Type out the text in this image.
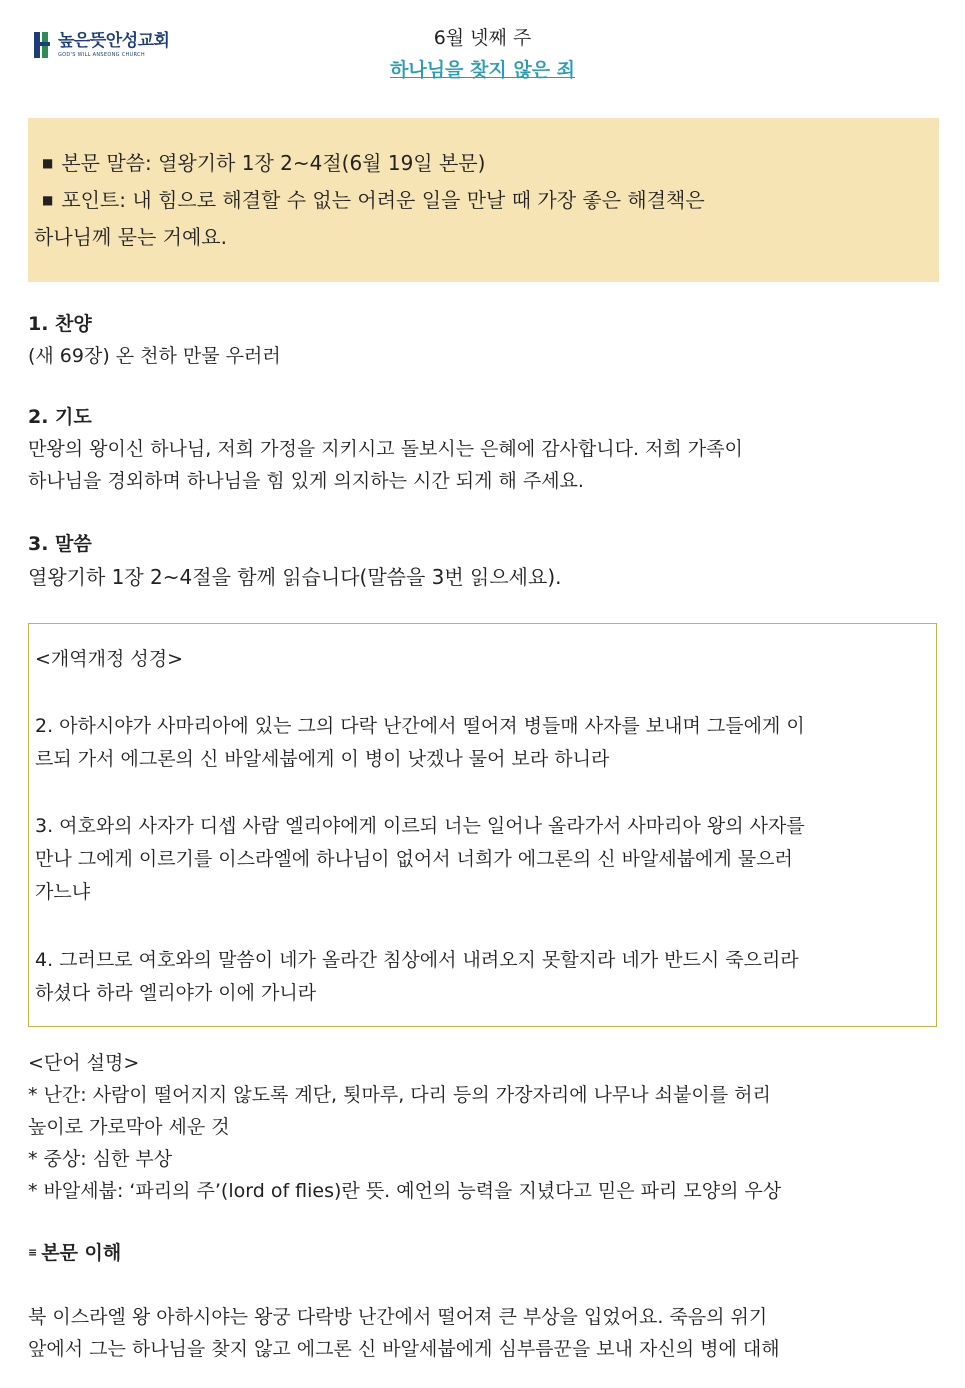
높은뜻안성교회
GOD'S WILL ANSEONG CHURCH
6월 넷째 주
하나님을 찾지 않은 죄
■ 본문 말씀: 열왕기하 1장 2~4절(6월 19일 본문)
■ 포인트: 내 힘으로 해결할 수 없는 어려운 일을 만날 때 가장 좋은 해결책은
하나님께 묻는 거예요.
1. 찬양
(새 69장) 온 천하 만물 우러러
2. 기도
만왕의 왕이신 하나님, 저희 가정을 지키시고 돌보시는 은혜에 감사합니다. 저희 가족이
하나님을 경외하며 하나님을 힘 있게 의지하는 시간 되게 해 주세요.
3. 말씀
열왕기하 1장 2~4절을 함께 읽습니다(말씀을 3번 읽으세요).
<개역개정 성경>
2. 아하시야가 사마리아에 있는 그의 다락 난간에서 떨어져 병들매 사자를 보내며 그들에게 이
르되 가서 에그론의 신 바알세붑에게 이 병이 낫겠나 물어 보라 하니라
3. 여호와의 사자가 디셉 사람 엘리야에게 이르되 너는 일어나 올라가서 사마리아 왕의 사자를
만나 그에게 이르기를 이스라엘에 하나님이 없어서 너희가 에그론의 신 바알세붑에게 물으러
가느냐
4. 그러므로 여호와의 말씀이 네가 올라간 침상에서 내려오지 못할지라 네가 반드시 죽으리라
하셨다 하라 엘리야가 이에 가니라
<단어 설명>
* 난간: 사람이 떨어지지 않도록 계단, 툇마루, 다리 등의 가장자리에 나무나 쇠붙이를 허리
높이로 가로막아 세운 것
* 중상: 심한 부상
* 바알세붑: ‘파리의 주’(lord of flies)란 뜻. 예언의 능력을 지녔다고 믿은 파리 모양의 우상
≡ 본문 이해
북 이스라엘 왕 아하시야는 왕궁 다락방 난간에서 떨어져 큰 부상을 입었어요. 죽음의 위기
앞에서 그는 하나님을 찾지 않고 에그론 신 바알세붑에게 심부름꾼을 보내 자신의 병에 대해
